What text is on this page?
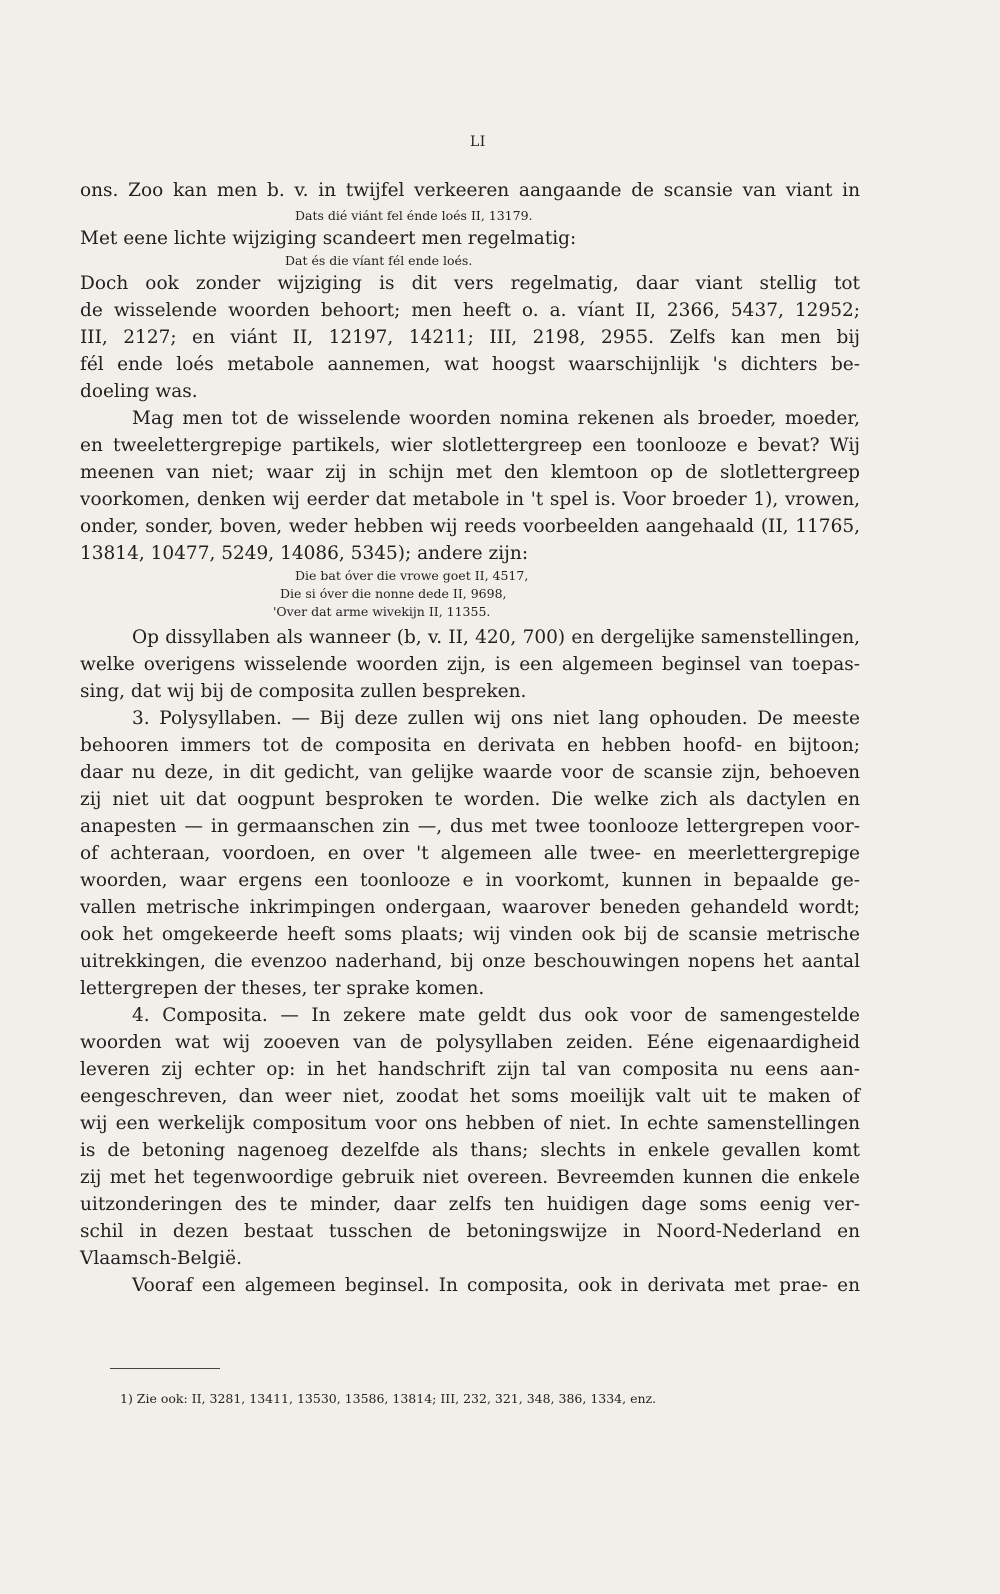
LI
ons. Zoo kan men b. v. in twijfel verkeeren aangaande de scansie van viant in
Dats dié viánt fel énde loés II, 13179.
Met eene lichte wijziging scandeert men regelmatig:
Dat és die víant fél ende loés.
Doch ook zonder wijziging is dit vers regelmatig, daar viant stellig tot
de wisselende woorden behoort; men heeft o. a. víant II, 2366, 5437, 12952;
III, 2127; en viánt II, 12197, 14211; III, 2198, 2955. Zelfs kan men bij
fél ende loés metabole aannemen, wat hoogst waarschijnlijk 's dichters be-
doeling was.
Mag men tot de wisselende woorden nomina rekenen als broeder, moeder,
en tweelettergrepige partikels, wier slotlettergreep een toonlooze e bevat? Wij
meenen van niet; waar zij in schijn met den klemtoon op de slotlettergreep
voorkomen, denken wij eerder dat metabole in 't spel is. Voor broeder 1), vrowen,
onder, sonder, boven, weder hebben wij reeds voorbeelden aangehaald (II, 11765,
13814, 10477, 5249, 14086, 5345); andere zijn:
Die bat óver die vrowe goet II, 4517,
Die si óver die nonne dede II, 9698,
'Over dat arme wivekijn II, 11355.
Op dissyllaben als wanneer (b, v. II, 420, 700) en dergelijke samenstellingen,
welke overigens wisselende woorden zijn, is een algemeen beginsel van toepas-
sing, dat wij bij de composita zullen bespreken.
3. Polysyllaben. — Bij deze zullen wij ons niet lang ophouden. De meeste
behooren immers tot de composita en derivata en hebben hoofd- en bijtoon;
daar nu deze, in dit gedicht, van gelijke waarde voor de scansie zijn, behoeven
zij niet uit dat oogpunt besproken te worden. Die welke zich als dactylen en
anapesten — in germaanschen zin —, dus met twee toonlooze lettergrepen voor-
of achteraan, voordoen, en over 't algemeen alle twee- en meerlettergrepige
woorden, waar ergens een toonlooze e in voorkomt, kunnen in bepaalde ge-
vallen metrische inkrimpingen ondergaan, waarover beneden gehandeld wordt;
ook het omgekeerde heeft soms plaats; wij vinden ook bij de scansie metrische
uitrekkingen, die evenzoo naderhand, bij onze beschouwingen nopens het aantal
lettergrepen der theses, ter sprake komen.
4. Composita. — In zekere mate geldt dus ook voor de samengestelde
woorden wat wij zooeven van de polysyllaben zeiden. Eéne eigenaardigheid
leveren zij echter op: in het handschrift zijn tal van composita nu eens aan-
eengeschreven, dan weer niet, zoodat het soms moeilijk valt uit te maken of
wij een werkelijk compositum voor ons hebben of niet. In echte samenstellingen
is de betoning nagenoeg dezelfde als thans; slechts in enkele gevallen komt
zij met het tegenwoordige gebruik niet overeen. Bevreemden kunnen die enkele
uitzonderingen des te minder, daar zelfs ten huidigen dage soms eenig ver-
schil in dezen bestaat tusschen de betoningswijze in Noord-Nederland en
Vlaamsch-België.
Vooraf een algemeen beginsel. In composita, ook in derivata met prae- en
1) Zie ook: II, 3281, 13411, 13530, 13586, 13814; III, 232, 321, 348, 386, 1334, enz.
